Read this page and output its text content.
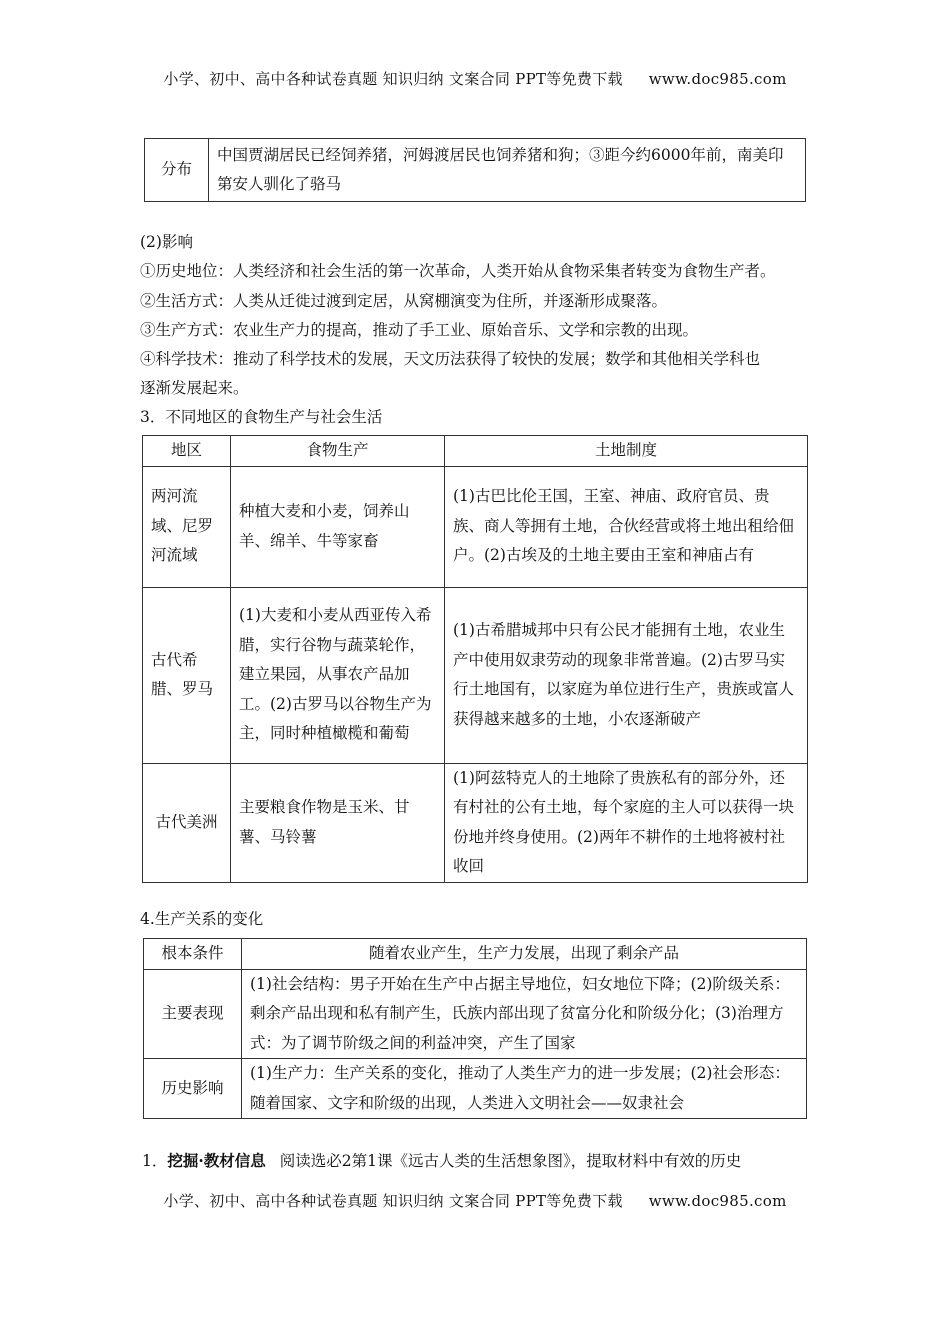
小学、初中、高中各种试卷真题 知识归纳 文案合同 PPT等免费下载 www.doc985.com
分布	中国贾湖居民已经饲养猪，河姆渡居民也饲养猪和狗；③距今约6000年前，南美印第安人驯化了骆马
(2)影响
①历史地位：人类经济和社会生活的第一次革命，人类开始从食物采集者转变为食物生产者。
②生活方式：人类从迁徙过渡到定居，从窝棚演变为住所，并逐渐形成聚落。
③生产方式：农业生产力的提高，推动了手工业、原始音乐、文学和宗教的出现。
④科学技术：推动了科学技术的发展，天文历法获得了较快的发展；数学和其他相关学科也
逐渐发展起来。
3．不同地区的食物生产与社会生活
地区	食物生产	土地制度
两河流域、尼罗河流域	种植大麦和小麦，饲养山羊、绵羊、牛等家畜	(1)古巴比伦王国，王室、神庙、政府官员、贵族、商人等拥有土地，合伙经营或将土地出租给佃户。(2)古埃及的土地主要由王室和神庙占有
古代希腊、罗马	(1)大麦和小麦从西亚传入希腊，实行谷物与蔬菜轮作，建立果园，从事农产品加工。(2)古罗马以谷物生产为主，同时种植橄榄和葡萄	(1)古希腊城邦中只有公民才能拥有土地，农业生产中使用奴隶劳动的现象非常普遍。(2)古罗马实行土地国有，以家庭为单位进行生产，贵族或富人获得越来越多的土地，小农逐渐破产
古代美洲	主要粮食作物是玉米、甘薯、马铃薯	(1)阿兹特克人的土地除了贵族私有的部分外，还有村社的公有土地，每个家庭的主人可以获得一块份地并终身使用。(2)两年不耕作的土地将被村社收回
4.生产关系的变化
根本条件	随着农业产生，生产力发展，出现了剩余产品
主要表现	(1)社会结构：男子开始在生产中占据主导地位，妇女地位下降；(2)阶级关系：剩余产品出现和私有制产生，氏族内部出现了贫富分化和阶级分化；(3)治理方式：为了调节阶级之间的利益冲突，产生了国家
历史影响	(1)生产力：生产关系的变化，推动了人类生产力的进一步发展；(2)社会形态：随着国家、文字和阶级的出现，人类进入文明社会——奴隶社会
1．挖掘·教材信息 阅读选必2第1课《远古人类的生活想象图》，提取材料中有效的历史
小学、初中、高中各种试卷真题 知识归纳 文案合同 PPT等免费下载 www.doc985.com
